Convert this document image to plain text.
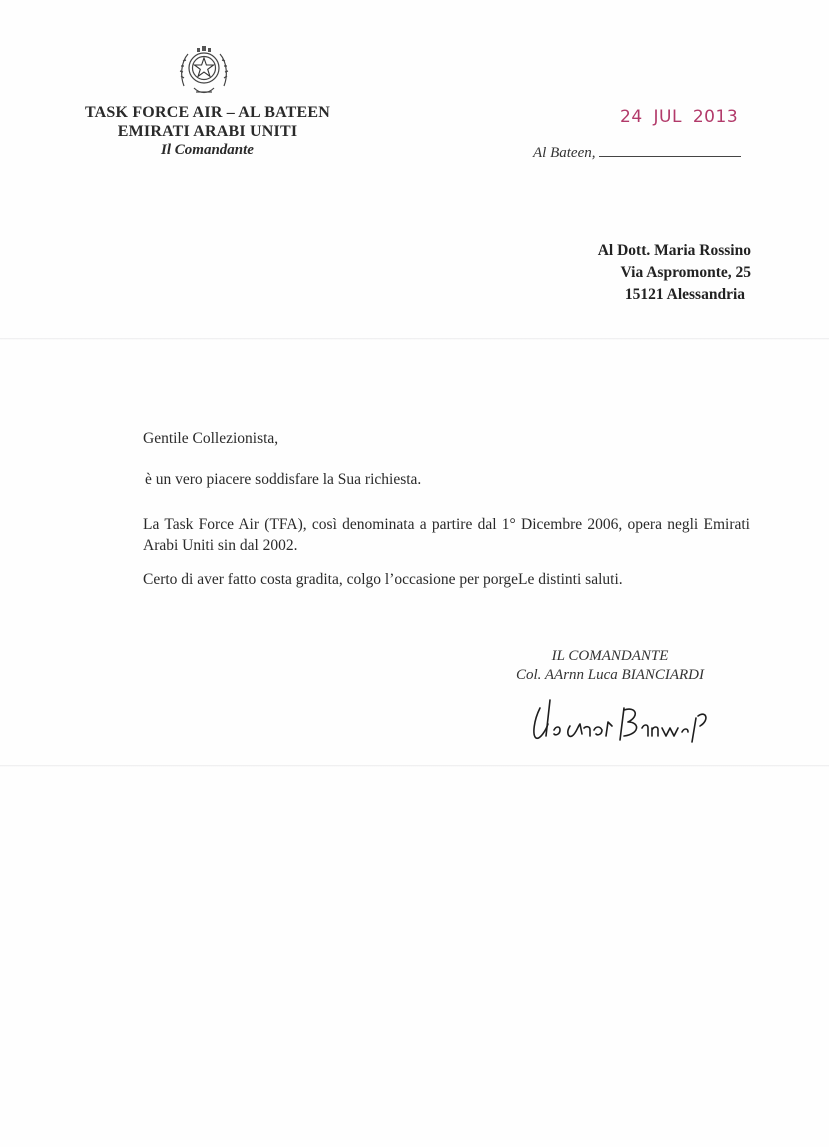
TASK FORCE AIR – AL BATEEN
EMIRATI ARABI UNITI
Il Comandante
24 JUL 2013
Al Bateen,
Al Dott. Maria Rossino
Via Aspromonte, 25
15121 Alessandria
Gentile Collezionista,
è un vero piacere soddisfare la Sua richiesta.
La Task Force Air (TFA), così denominata a partire dal 1° Dicembre 2006, opera negli Emirati Arabi Uniti sin dal 2002.
Certo di aver fatto costa gradita, colgo l’occasione per porgeLe distinti saluti.
IL COMANDANTE
Col. AArnn Luca BIANCIARDI
